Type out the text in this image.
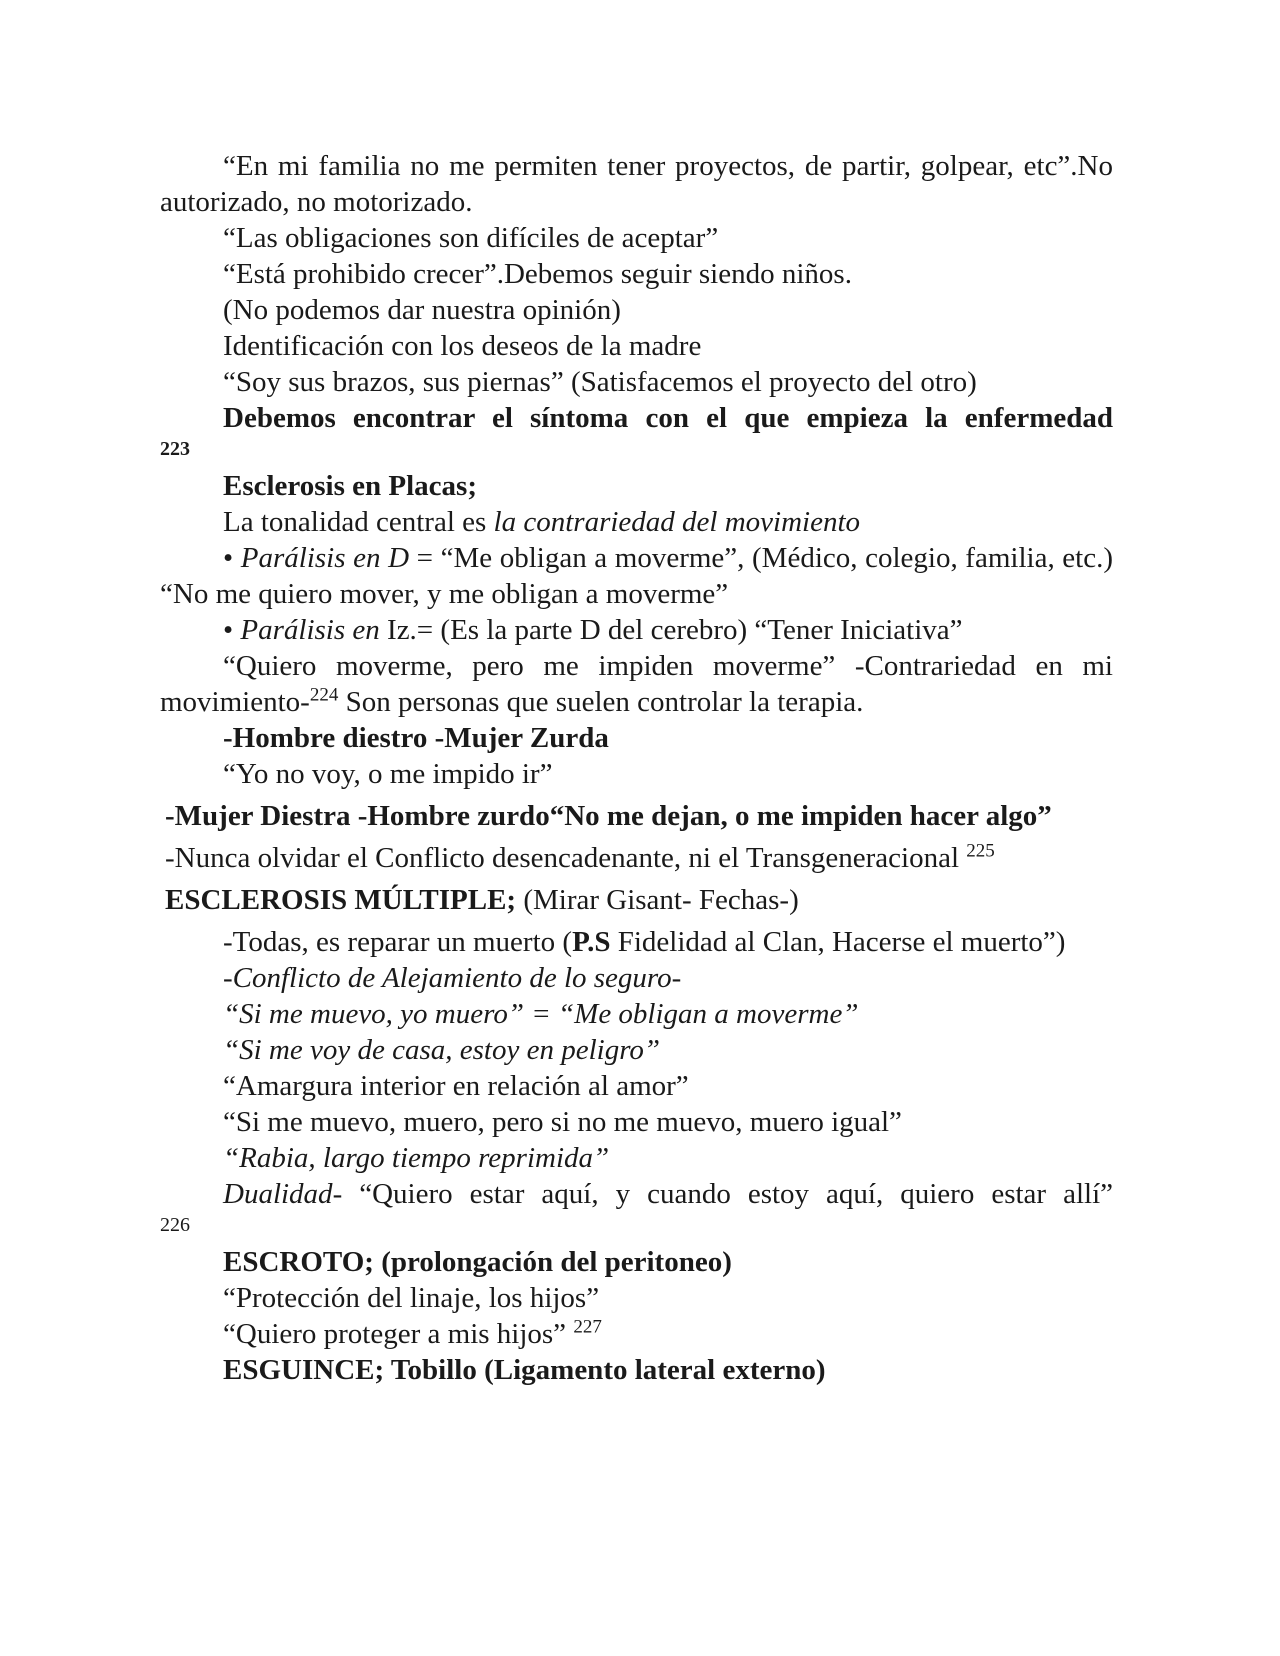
“En mi familia no me permiten tener proyectos, de partir, golpear, etc”.No autorizado, no motorizado.

“Las obligaciones son difíciles de aceptar”

“Está prohibido crecer”.Debemos seguir siendo niños.

(No podemos dar nuestra opinión)

Identificación con los deseos de la madre

“Soy sus brazos, sus piernas” (Satisfacemos el proyecto del otro)

Debemos encontrar el síntoma con el que empieza la enfermedad

223

Esclerosis en Placas;

La tonalidad central es la contrariedad del movimiento

• Parálisis en D = “Me obligan a moverme”, (Médico, colegio, familia, etc.) “No me quiero mover, y me obligan a moverme”

• Parálisis en Iz.= (Es la parte D del cerebro) “Tener Iniciativa”

“Quiero moverme, pero me impiden moverme” -Contrariedad en mi movimiento-$^{224}$ Son personas que suelen controlar la terapia.

-Hombre diestro -Mujer Zurda

“Yo no voy, o me impido ir”

-Mujer Diestra -Hombre zurdo“No me dejan, o me impiden hacer algo”

-Nunca olvidar el Conflicto desencadenante, ni el Transgeneracional $^{225}$

ESCLEROSIS MÚLTIPLE; (Mirar Gisant- Fechas-)

-Todas, es reparar un muerto (P.S Fidelidad al Clan, Hacerse el muerto”)

-Conflicto de Alejamiento de lo seguro-

“Si me muevo, yo muero” = “Me obligan a moverme”

“Si me voy de casa, estoy en peligro”

“Amargura interior en relación al amor”

“Si me muevo, muero, pero si no me muevo, muero igual”

“Rabia, largo tiempo reprimida”

Dualidad- “Quiero estar aquí, y cuando estoy aquí, quiero estar allí”

226

ESCROTO; (prolongación del peritoneo)

“Protección del linaje, los hijos”

“Quiero proteger a mis hijos” $^{227}$

ESGUINCE; Tobillo (Ligamento lateral externo)
